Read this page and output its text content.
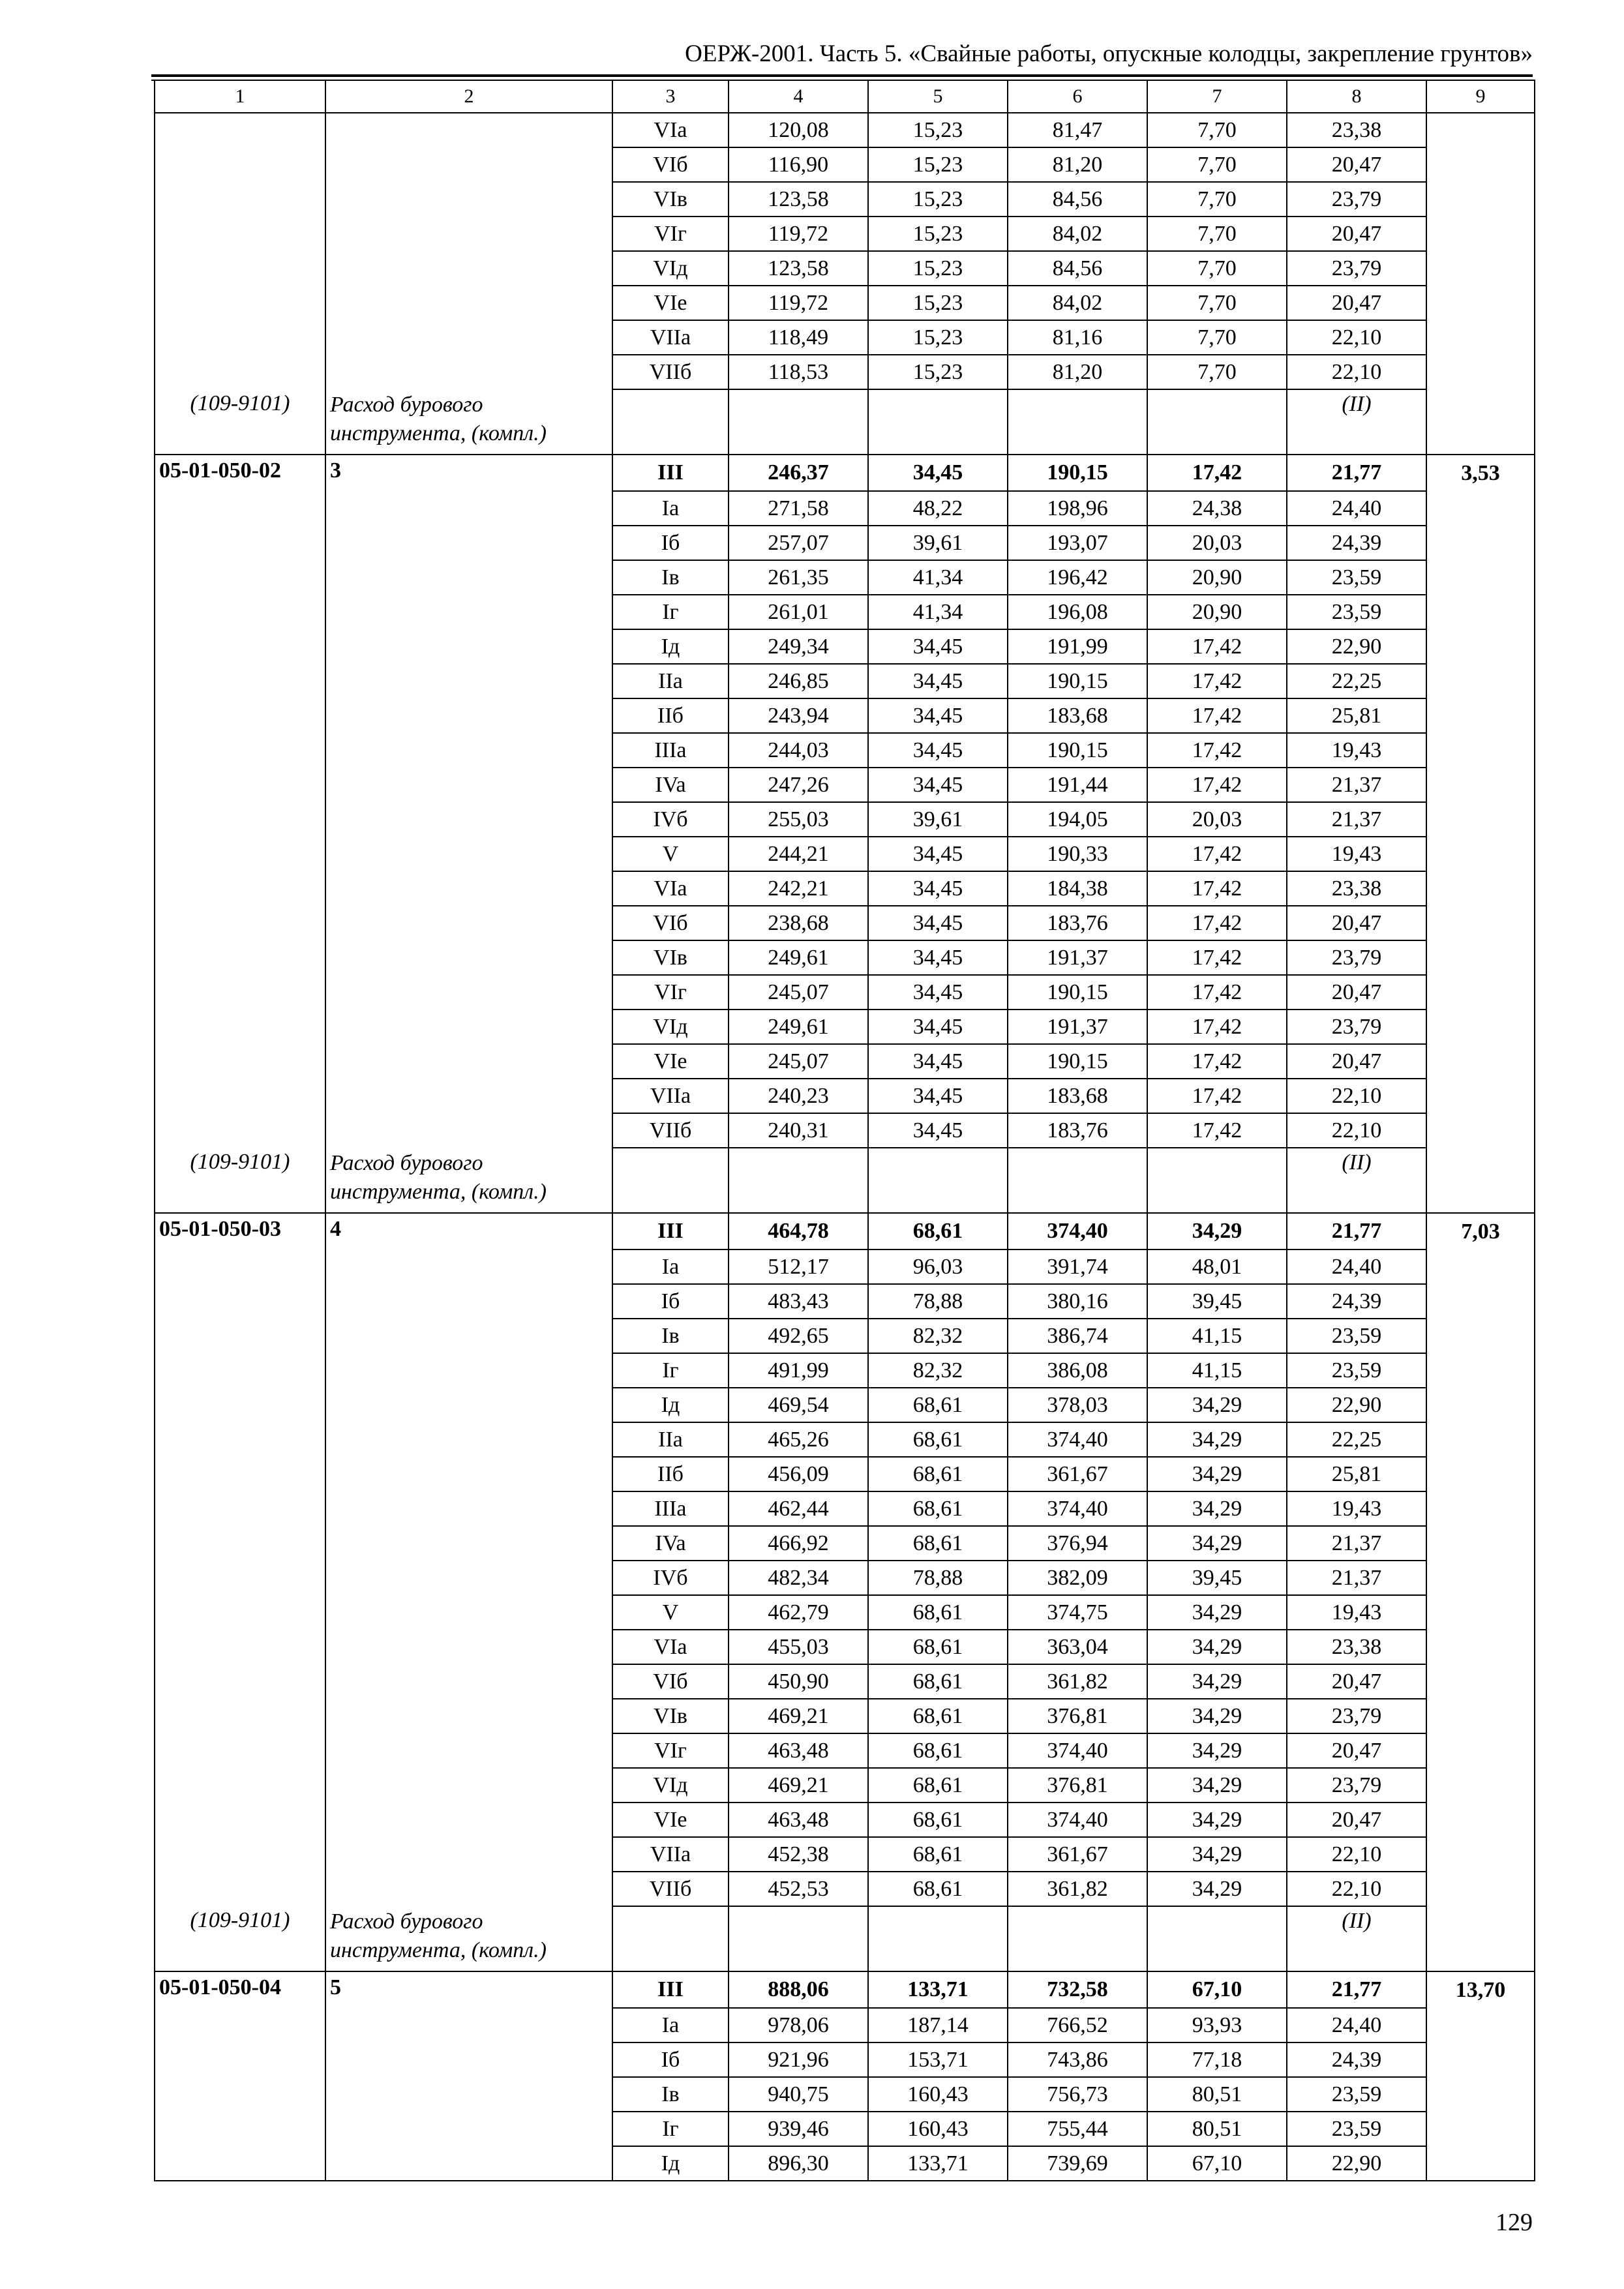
ОЕРЖ-2001. Часть 5. «Свайные работы, опускные колодцы, закрепление грунтов»
1	2	3	4	5	6	7	8	9
		VIa	120,08	15,23	81,47	7,70	23,38	
		VIб	116,90	15,23	81,20	7,70	20,47	
		VIв	123,58	15,23	84,56	7,70	23,79	
		VIг	119,72	15,23	84,02	7,70	20,47	
		VIд	123,58	15,23	84,56	7,70	23,79	
		VIe	119,72	15,23	84,02	7,70	20,47	
		VIIa	118,49	15,23	81,16	7,70	22,10	
		VIIб	118,53	15,23	81,20	7,70	22,10	
(109-9101)	Расход бурового инструмента, (компл.)						(II)	
05-01-050-02	3	III	246,37	34,45	190,15	17,42	21,77	3,53
		Ia	271,58	48,22	198,96	24,38	24,40	
		Iб	257,07	39,61	193,07	20,03	24,39	
		Iв	261,35	41,34	196,42	20,90	23,59	
		Iг	261,01	41,34	196,08	20,90	23,59	
		Iд	249,34	34,45	191,99	17,42	22,90	
		IIa	246,85	34,45	190,15	17,42	22,25	
		IIб	243,94	34,45	183,68	17,42	25,81	
		IIIa	244,03	34,45	190,15	17,42	19,43	
		IVa	247,26	34,45	191,44	17,42	21,37	
		IVб	255,03	39,61	194,05	20,03	21,37	
		V	244,21	34,45	190,33	17,42	19,43	
		VIa	242,21	34,45	184,38	17,42	23,38	
		VIб	238,68	34,45	183,76	17,42	20,47	
		VIв	249,61	34,45	191,37	17,42	23,79	
		VIг	245,07	34,45	190,15	17,42	20,47	
		VIд	249,61	34,45	191,37	17,42	23,79	
		VIe	245,07	34,45	190,15	17,42	20,47	
		VIIa	240,23	34,45	183,68	17,42	22,10	
		VIIб	240,31	34,45	183,76	17,42	22,10	
(109-9101)	Расход бурового инструмента, (компл.)						(II)	
05-01-050-03	4	III	464,78	68,61	374,40	34,29	21,77	7,03
		Ia	512,17	96,03	391,74	48,01	24,40	
		Iб	483,43	78,88	380,16	39,45	24,39	
		Iв	492,65	82,32	386,74	41,15	23,59	
		Iг	491,99	82,32	386,08	41,15	23,59	
		Iд	469,54	68,61	378,03	34,29	22,90	
		IIa	465,26	68,61	374,40	34,29	22,25	
		IIб	456,09	68,61	361,67	34,29	25,81	
		IIIa	462,44	68,61	374,40	34,29	19,43	
		IVa	466,92	68,61	376,94	34,29	21,37	
		IVб	482,34	78,88	382,09	39,45	21,37	
		V	462,79	68,61	374,75	34,29	19,43	
		VIa	455,03	68,61	363,04	34,29	23,38	
		VIб	450,90	68,61	361,82	34,29	20,47	
		VIв	469,21	68,61	376,81	34,29	23,79	
		VIг	463,48	68,61	374,40	34,29	20,47	
		VIд	469,21	68,61	376,81	34,29	23,79	
		VIe	463,48	68,61	374,40	34,29	20,47	
		VIIa	452,38	68,61	361,67	34,29	22,10	
		VIIб	452,53	68,61	361,82	34,29	22,10	
(109-9101)	Расход бурового инструмента, (компл.)						(II)	
05-01-050-04	5	III	888,06	133,71	732,58	67,10	21,77	13,70
		Ia	978,06	187,14	766,52	93,93	24,40	
		Iб	921,96	153,71	743,86	77,18	24,39	
		Iв	940,75	160,43	756,73	80,51	23,59	
		Iг	939,46	160,43	755,44	80,51	23,59	
		Iд	896,30	133,71	739,69	67,10	22,90	
129
